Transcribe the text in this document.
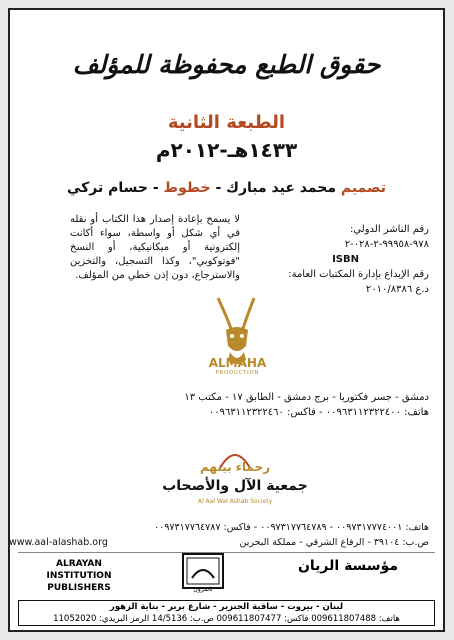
حقوق الطبع محفوظة للمؤلف
الطبعة الثانية
١٤٣٣هـ-٢٠١٢م
تصميم محمد عيد مبارك - خطوط - حسام تركي
رقم الناشر الدولي:
٩٧٨-٩٩٩٥٨-٢-٠٢٨-٢
ISBN
رقم الإيداع بإدارة المكتبات العامة:
د.ع ٢٠١٠/٨٣٨٦
لا يسمح بإعادة إصدار هذا الكتاب أو نقله في أي شكل أو واسطة، سواء أكانت إلكترونية أو ميكانيكية، أو النسخ "فوتوكوبي"، وكذا التسجيل، والتخزين والاسترجاع، دون إذن خطي من المؤلف.
ALMAHA
PRODUCTION
دمشق - جسر فكتوريا - برج دمشق - الطابق ١٧ - مكتب ١٣
هاتف: ٠٠٩٦٣١١٢٣٢٢٤٠٠ - فاكس: ٠٠٩٦٣١١٢٣٢٢٤٦٠
رحماء بينهم
جمعية الآل والأصحاب
Al Aal Wal Ashab Society
هاتف: ٠٠٩٧٣١٧٧٧٤٠٠١ - ٠٠٩٧٣١٧٧٦٤٧٨٩ - فاكس: ٠٠٩٧٣١٧٧٦٤٧٨٧
ص.ب: ٣٩١٠٤ - الرفاع الشرقي - مملكة البحرين
www.aal-alashab.org
ALRAYAN INSTITUTION
PUBLISHERS	ناشرون
مؤسسة الريان
لبنان - بيروت - ساقية الجنزير - شارع بربر - بناية الزهور
هاتف: 009611807488 فاكس: 009611807477 ص.ب: 14/5136 الرمز البريدي: 11052020
